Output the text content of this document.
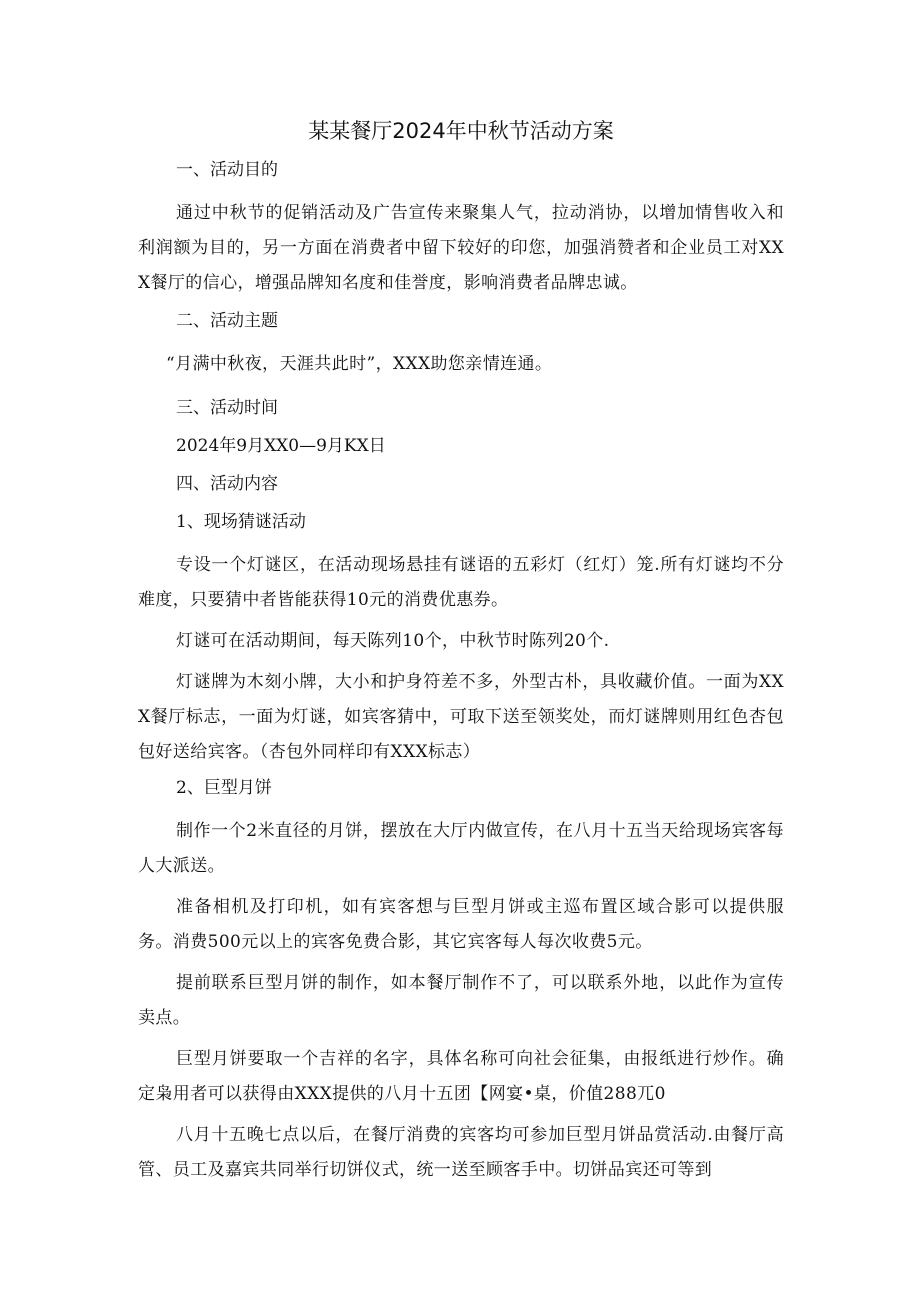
某某餐厅2024年中秋节活动方案
一、活动目的
通过中秋节的促销活动及广告宣传来聚集人气，拉动消协，以增加情售收入和利润额为目的，另一方面在消费者中留下较好的印您，加强消赞者和企业员工对XXX餐厅的信心，增强品牌知名度和佳誉度，影响消费者品牌忠诚。
二、活动主题
“月满中秋夜，天涯共此时”，XXX助您亲情连通。
三、活动时间
2024年9月XX0—9月KX日
四、活动内容
1、现场猜谜活动
专设一个灯谜区，在活动现场悬挂有谜语的五彩灯（红灯）笼.所有灯谜均不分难度，只要猜中者皆能获得10元的消费优惠券。
灯谜可在活动期间，每天陈列10个，中秋节时陈列20个.
灯谜牌为木刻小牌，大小和护身符差不多，外型古朴，具收藏价值。一面为XXX餐厅标志，一面为灯谜，如宾客猜中，可取下送至领奖处，而灯谜牌则用红色杏包包好送给宾客。（杏包外同样印有XXX标志）
2、巨型月饼
制作一个2米直径的月饼，摆放在大厅内做宣传，在八月十五当天给现场宾客每人大派送。
准备相机及打印机，如有宾客想与巨型月饼或主巡布置区域合影可以提供服务。消费500元以上的宾客免费合影，其它宾客每人每次收费5元。
提前联系巨型月饼的制作，如本餐厅制作不了，可以联系外地，以此作为宣传卖点。
巨型月饼要取一个吉祥的名字，具体名称可向社会征集，由报纸进行炒作。确定枭用者可以获得由XXX提供的八月十五团【网宴•桌，价值288兀0
八月十五晚七点以后，在餐厅消费的宾客均可参加巨型月饼品赏活动.由餐厅高管、员工及嘉宾共同举行切饼仪式，统一送至顾客手中。切饼品宾还可等到
